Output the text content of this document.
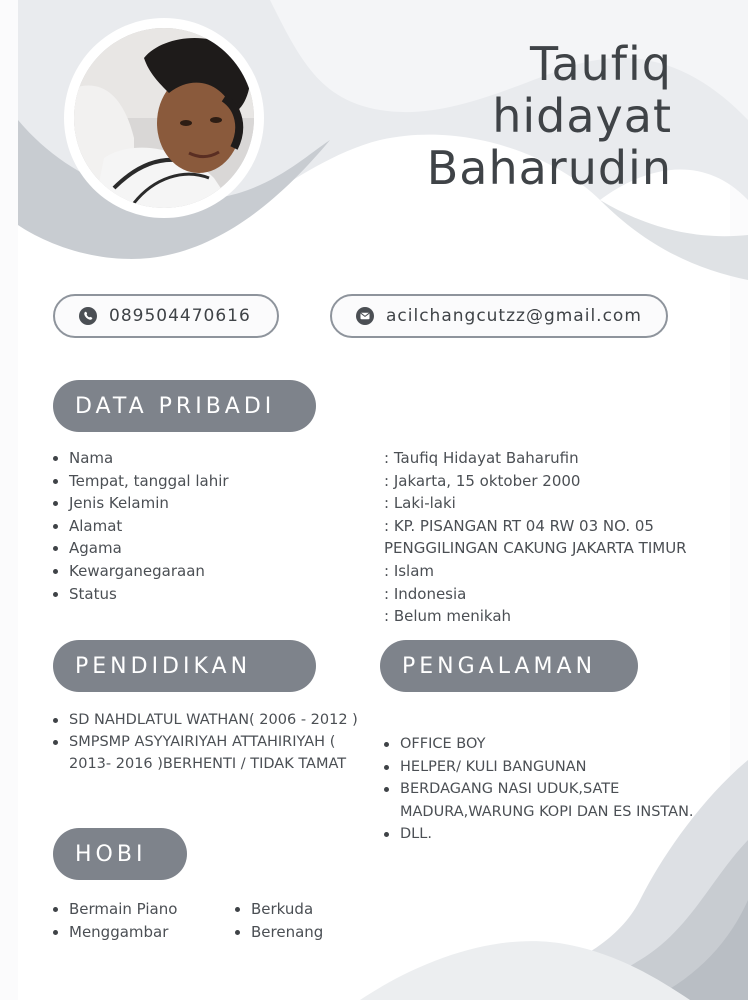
Taufiq
hidayat
Baharudin
089504470616	acilchangcutzz@gmail.com
DATA PRIBADI
Nama
Tempat, tanggal lahir
Jenis Kelamin
Alamat
Agama
Kewarganegaraan
Status
: Taufiq Hidayat Baharufin
: Jakarta, 15 oktober 2000
: Laki-laki
: KP. PISANGAN RT 04 RW 03 NO. 05
PENGGILINGAN CAKUNG JAKARTA TIMUR
: Islam
: Indonesia
: Belum menikah
PENDIDIKAN	PENGALAMAN
SD NAHDLATUL WATHAN( 2006 - 2012 )
SMPSMP ASYYAIRIYAH ATTAHIRIYAH ( 2013- 2016 )BERHENTI / TIDAK TAMAT
OFFICE BOY
HELPER/ KULI BANGUNAN
BERDAGANG NASI UDUK,SATE MADURA,WARUNG KOPI DAN ES INSTAN.
DLL.
HOBI
Bermain Piano
Menggambar
Berkuda
Berenang
